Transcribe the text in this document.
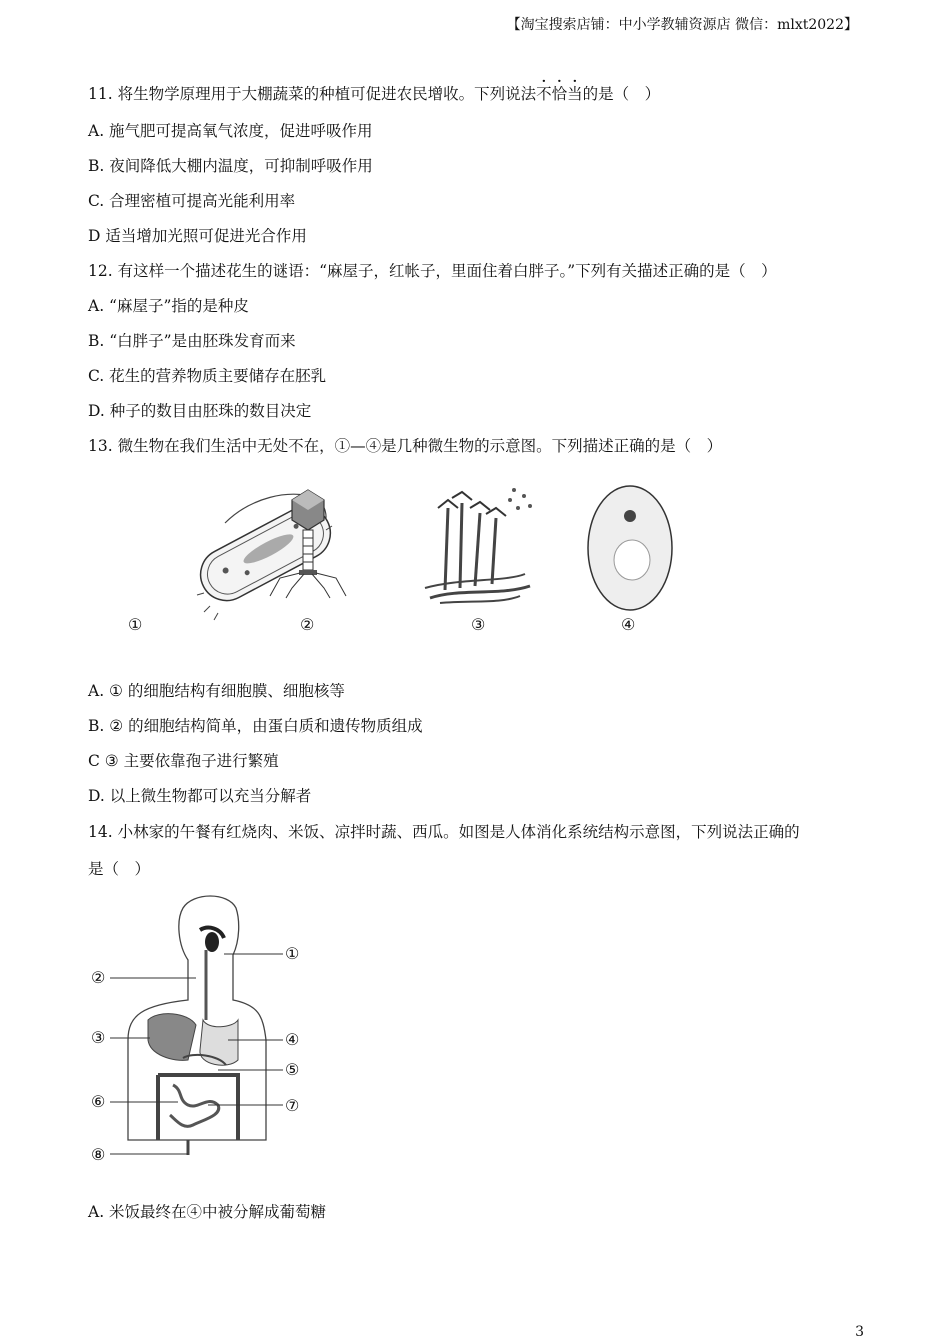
【淘宝搜索店铺：中小学教辅资源店 微信：mlxt2022】
11. 将生物学原理用于大棚蔬菜的种植可促进农民增收。下列说法不恰当的是（　）
A. 施气肥可提高氧气浓度，促进呼吸作用
B. 夜间降低大棚内温度，可抑制呼吸作用
C. 合理密植可提高光能利用率
D 适当增加光照可促进光合作用
12. 有这样一个描述花生的谜语：“麻屋子，红帐子，里面住着白胖子。”下列有关描述正确的是（　）
A. “麻屋子”指的是种皮
B. “白胖子”是由胚珠发育而来
C. 花生的营养物质主要储存在胚乳
D. 种子的数目由胚珠的数目决定
13. 微生物在我们生活中无处不在，①—④是几种微生物的示意图。下列描述正确的是（　）
①	②	③	④
A. ① 的细胞结构有细胞膜、细胞核等
B. ② 的细胞结构简单，由蛋白质和遗传物质组成
C ③ 主要依靠孢子进行繁殖
D. 以上微生物都可以充当分解者
14. 小林家的午餐有红烧肉、米饭、凉拌时蔬、西瓜。如图是人体消化系统结构示意图，下列说法正确的
是（　）
①
②
③	④
⑤
⑥	⑦
⑧
A. 米饭最终在④中被分解成葡萄糖
3
